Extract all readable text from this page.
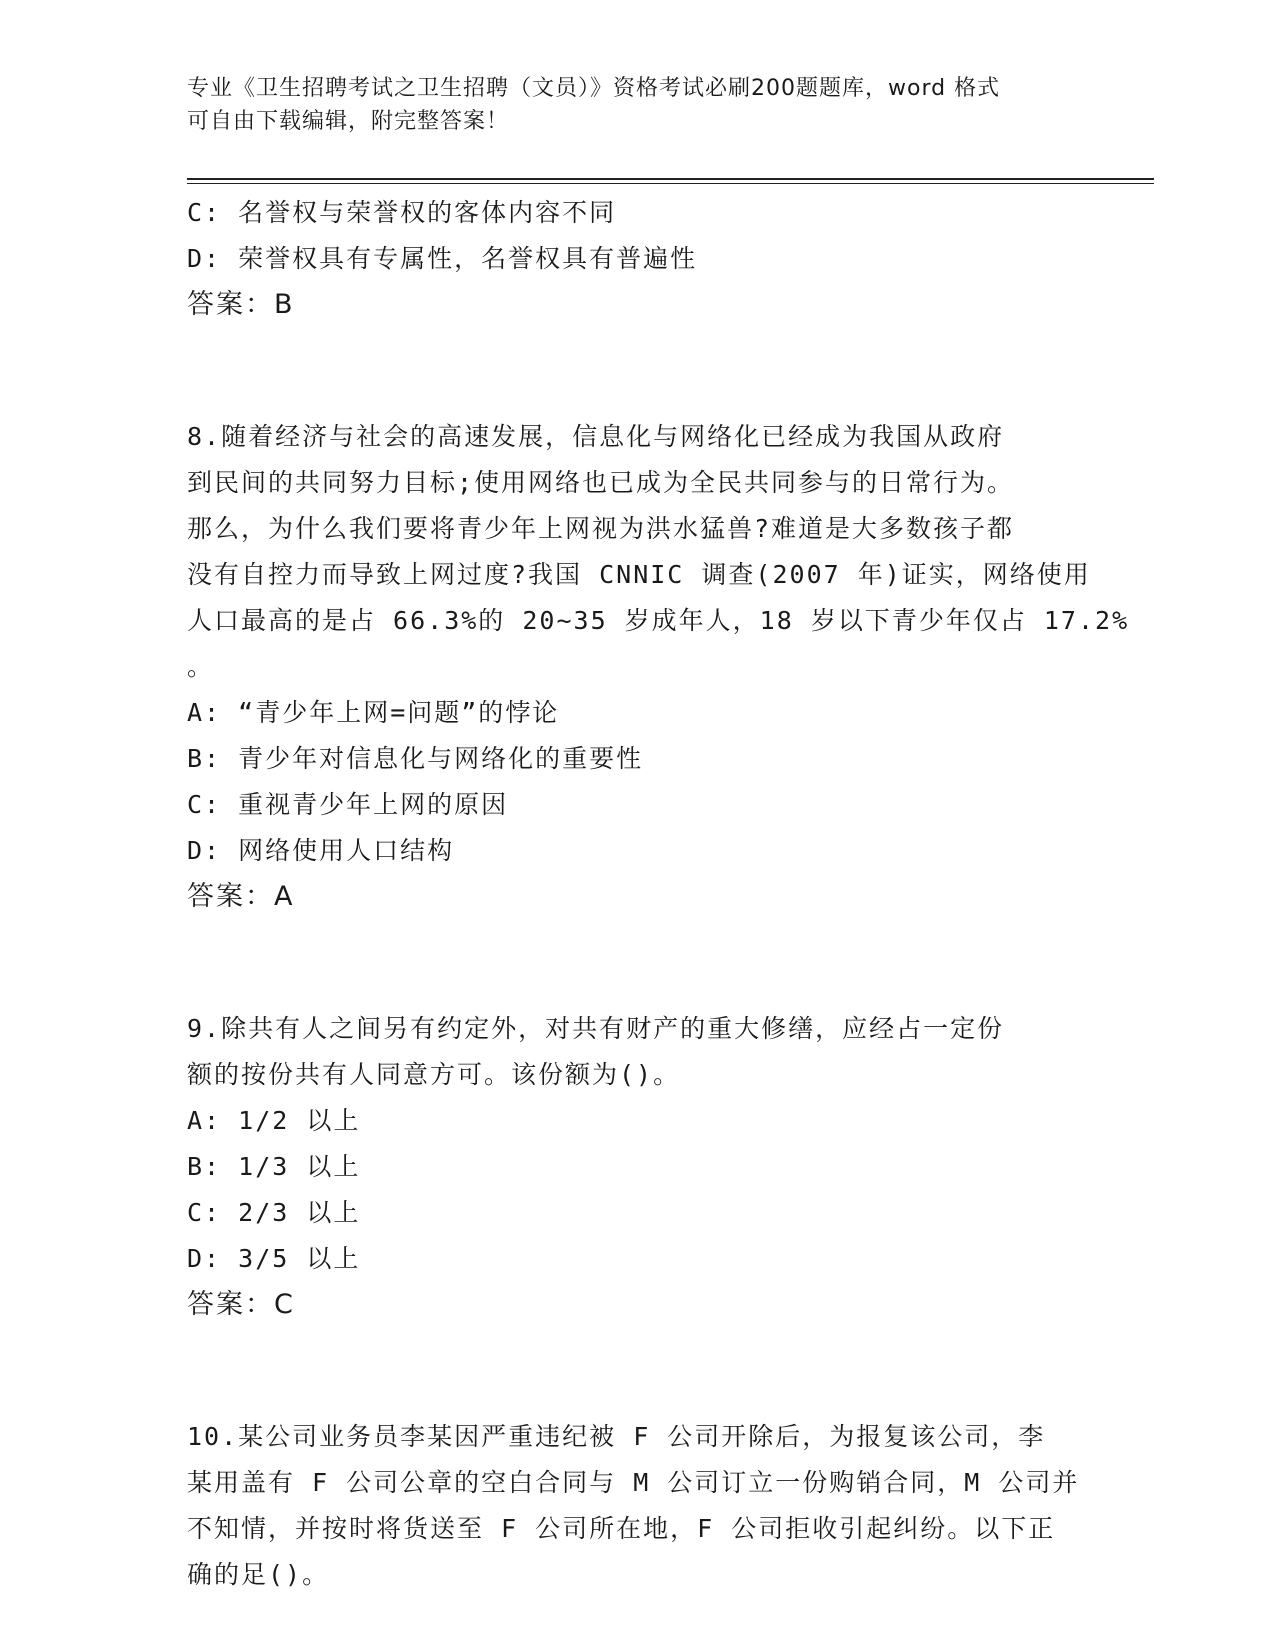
专业《卫生招聘考试之卫生招聘（文员）》资格考试必刷200题题库，word 格式
可自由下载编辑，附完整答案！
C: 名誉权与荣誉权的客体内容不同
D: 荣誉权具有专属性，名誉权具有普遍性
答案：B
8.随着经济与社会的高速发展，信息化与网络化已经成为我国从政府
到民间的共同努力目标;使用网络也已成为全民共同参与的日常行为。
那么，为什么我们要将青少年上网视为洪水猛兽?难道是大多数孩子都
没有自控力而导致上网过度?我国 CNNIC 调查(2007 年)证实，网络使用
人口最高的是占 66.3%的 20~35 岁成年人，18 岁以下青少年仅占 17.2%
。
A: “青少年上网=问题”的悖论
B: 青少年对信息化与网络化的重要性
C: 重视青少年上网的原因
D: 网络使用人口结构
答案：A
9.除共有人之间另有约定外，对共有财产的重大修缮，应经占一定份
额的按份共有人同意方可。该份额为()。
A: 1/2 以上
B: 1/3 以上
C: 2/3 以上
D: 3/5 以上
答案：C
10.某公司业务员李某因严重违纪被 F 公司开除后，为报复该公司，李
某用盖有 F 公司公章的空白合同与 M 公司订立一份购销合同，M 公司并
不知情，并按时将货送至 F 公司所在地，F 公司拒收引起纠纷。以下正
确的足()。
